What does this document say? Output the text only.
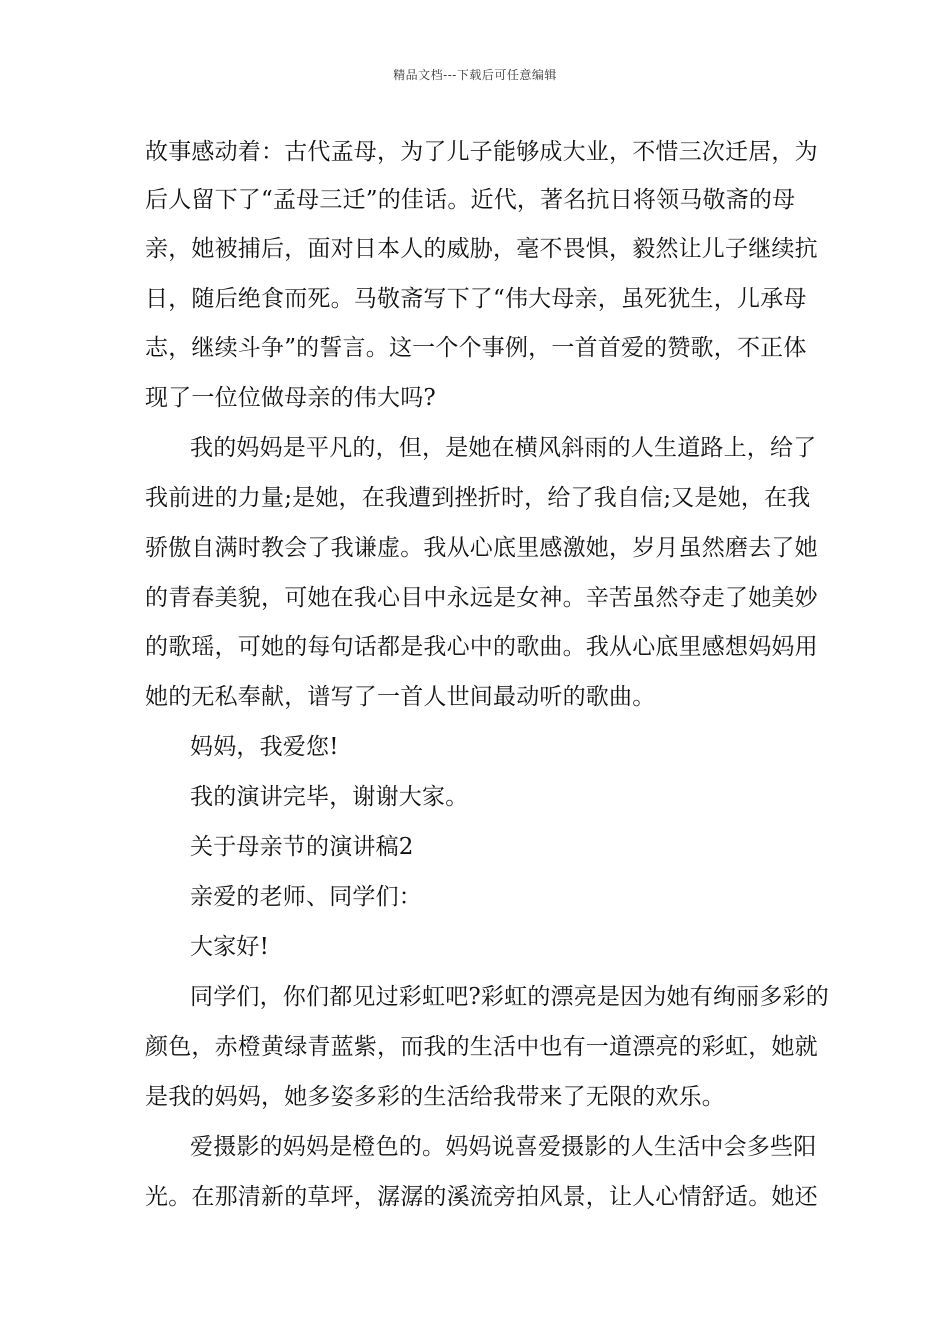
精品文档---下载后可任意编辑
故事感动着：古代孟母，为了儿子能够成大业，不惜三次迁居，为
后人留下了“孟母三迁”的佳话。近代，著名抗日将领马敬斋的母
亲，她被捕后，面对日本人的威胁，毫不畏惧，毅然让儿子继续抗
日，随后绝食而死。马敬斋写下了“伟大母亲，虽死犹生，儿承母
志，继续斗争”的誓言。这一个个事例，一首首爱的赞歌，不正体
现了一位位做母亲的伟大吗?
我的妈妈是平凡的，但，是她在横风斜雨的人生道路上，给了
我前进的力量;是她，在我遭到挫折时，给了我自信;又是她，在我
骄傲自满时教会了我谦虚。我从心底里感激她，岁月虽然磨去了她
的青春美貌，可她在我心目中永远是女神。辛苦虽然夺走了她美妙
的歌瑶，可她的每句话都是我心中的歌曲。我从心底里感想妈妈用
她的无私奉献，谱写了一首人世间最动听的歌曲。
妈妈，我爱您!
我的演讲完毕，谢谢大家。
关于母亲节的演讲稿2
亲爱的老师、同学们：
大家好!
同学们，你们都见过彩虹吧?彩虹的漂亮是因为她有绚丽多彩的
颜色，赤橙黄绿青蓝紫，而我的生活中也有一道漂亮的彩虹，她就
是我的妈妈，她多姿多彩的生活给我带来了无限的欢乐。
爱摄影的妈妈是橙色的。妈妈说喜爱摄影的人生活中会多些阳
光。在那清新的草坪，潺潺的溪流旁拍风景，让人心情舒适。她还
